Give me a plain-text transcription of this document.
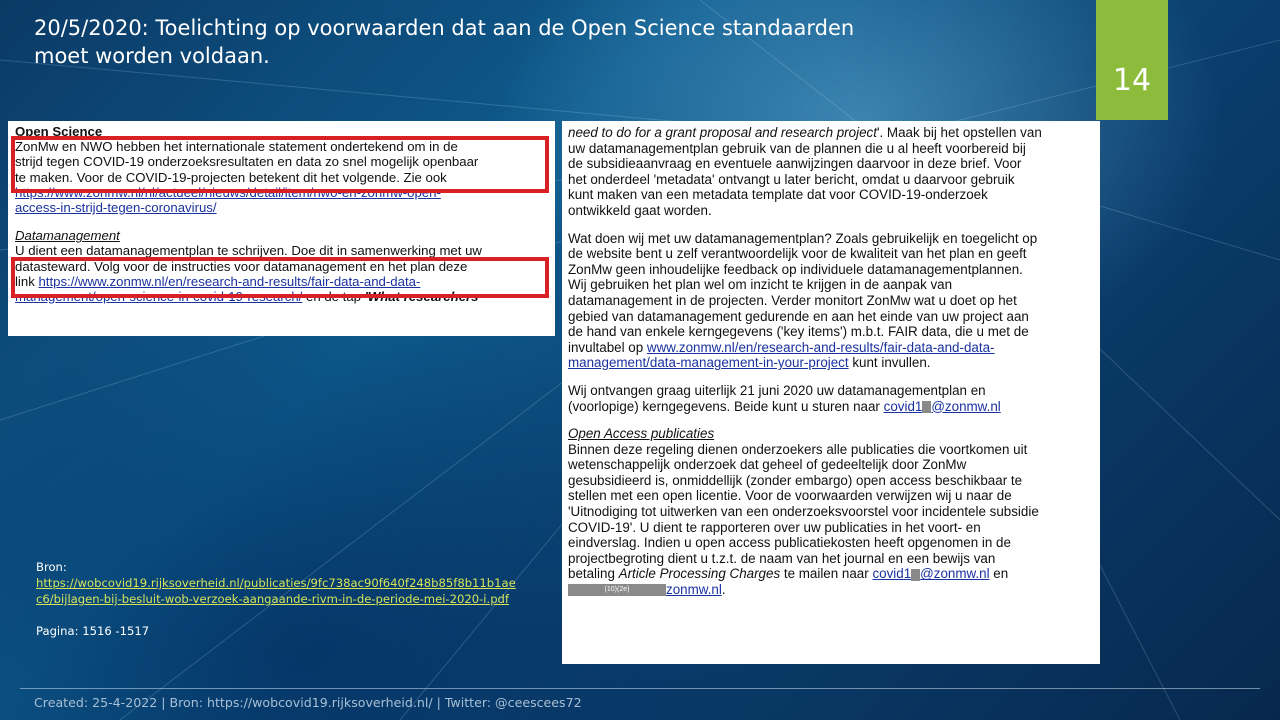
20/5/2020: Toelichting op voorwaarden dat aan de Open Science standaarden
moet worden voldaan.
14

Open Science

ZonMw en NWO hebben het internationale statement ondertekend om in de

strijd tegen COVID-19 onderzoeksresultaten en data zo snel mogelijk openbaar

te maken. Voor de COVID-19-projecten betekent dit het volgende. Zie ook

https://www.zonmw.nl/nl/actueel/nieuws/detail/item/nwo-en-zonmw-open-

access-in-strijd-tegen-coronavirus/

Datamanagement

U dient een datamanagementplan te schrijven. Doe dit in samenwerking met uw

datasteward. Volg voor de instructies voor datamanagement en het plan deze

link https://www.zonmw.nl/en/research-and-results/fair-data-and-data-

management/open-science-in-covid-19-research/ en de tap 'What researchers

need to do for a grant proposal and research project'. Maak bij het opstellen van

uw datamanagementplan gebruik van de plannen die u al heeft voorbereid bij

de subsidieaanvraag en eventuele aanwijzingen daarvoor in deze brief. Voor

het onderdeel 'metadata' ontvangt u later bericht, omdat u daarvoor gebruik

kunt maken van een metadata template dat voor COVID-19-onderzoek

ontwikkeld gaat worden.

Wat doen wij met uw datamanagementplan? Zoals gebruikelijk en toegelicht op

de website bent u zelf verantwoordelijk voor de kwaliteit van het plan en geeft

ZonMw geen inhoudelijke feedback op individuele datamanagementplannen.

Wij gebruiken het plan wel om inzicht te krijgen in de aanpak van

datamanagement in de projecten. Verder monitort ZonMw wat u doet op het

gebied van datamanagement gedurende en aan het einde van uw project aan

de hand van enkele kerngegevens ('key items') m.b.t. FAIR data, die u met de

invultabel op www.zonmw.nl/en/research-and-results/fair-data-and-data-

management/data-management-in-your-project kunt invullen.

Wij ontvangen graag uiterlijk 21 juni 2020 uw datamanagementplan en

(voorlopige) kerngegevens. Beide kunt u sturen naar covid1 @zonmw.nl

Open Access publicaties

Binnen deze regeling dienen onderzoekers alle publicaties die voortkomen uit

wetenschappelijk onderzoek dat geheel of gedeeltelijk door ZonMw

gesubsidieerd is, onmiddellijk (zonder embargo) open access beschikbaar te

stellen met een open licentie. Voor de voorwaarden verwijzen wij u naar de

'Uitnodiging tot uitwerken van een onderzoeksvoorstel voor incidentele subsidie

COVID-19'. U dient te rapporteren over uw publicaties in het voort- en

eindverslag. Indien u open access publicatiekosten heeft opgenomen in de

projectbegroting dient u t.z.t. de naam van het journal en een bewijs van

betaling Article Processing Charges te mailen naar covid1 @zonmw.nl en

(10)(2e)	zonmw.nl.

Bron:
https://wobcovid19.rijksoverheid.nl/publicaties/9fc738ac90f640f248b85f8b11b1aec6/bijlagen-bij-besluit-wob-verzoek-aangaande-rivm-in-de-periode-mei-2020-i.pdf
Pagina: 1516 -1517
Created: 25-4-2022 | Bron: https://wobcovid19.rijksoverheid.nl/ | Twitter: @ceescees72
